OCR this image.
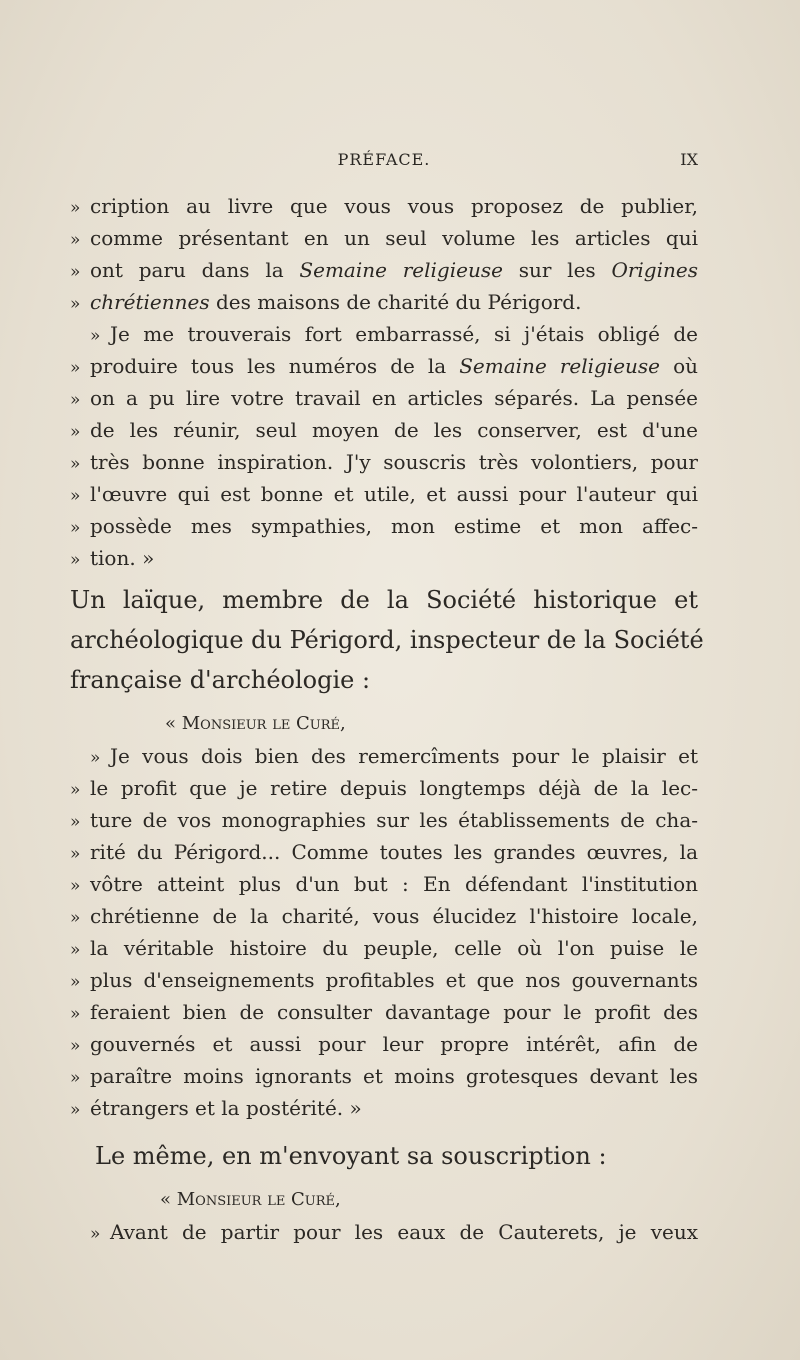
PRÉFACE.	IX
» cription au livre que vous vous proposez de publier,
» comme présentant en un seul volume les articles qui
» ont paru dans la Semaine religieuse sur les Origines
» chrétiennes des maisons de charité du Périgord.
» Je me trouverais fort embarrassé, si j'étais obligé de
» produire tous les numéros de la Semaine religieuse où
» on a pu lire votre travail en articles séparés. La pensée
» de les réunir, seul moyen de les conserver, est d'une
» très bonne inspiration. J'y souscris très volontiers, pour
» l'œuvre qui est bonne et utile, et aussi pour l'auteur qui
» possède mes sympathies, mon estime et mon affec-
» tion. »
Un laïque, membre de la Société historique et
archéologique du Périgord, inspecteur de la Société
française d'archéologie :
« Monsieur le Curé,
» Je vous dois bien des remercîments pour le plaisir et
» le profit que je retire depuis longtemps déjà de la lec-
» ture de vos monographies sur les établissements de cha-
» rité du Périgord... Comme toutes les grandes œuvres, la
» vôtre atteint plus d'un but : En défendant l'institution
» chrétienne de la charité, vous élucidez l'histoire locale,
» la véritable histoire du peuple, celle où l'on puise le
» plus d'enseignements profitables et que nos gouvernants
» feraient bien de consulter davantage pour le profit des
» gouvernés et aussi pour leur propre intérêt, afin de
» paraître moins ignorants et moins grotesques devant les
» étrangers et la postérité. »
Le même, en m'envoyant sa souscription :
« Monsieur le Curé,
» Avant de partir pour les eaux de Cauterets, je veux
